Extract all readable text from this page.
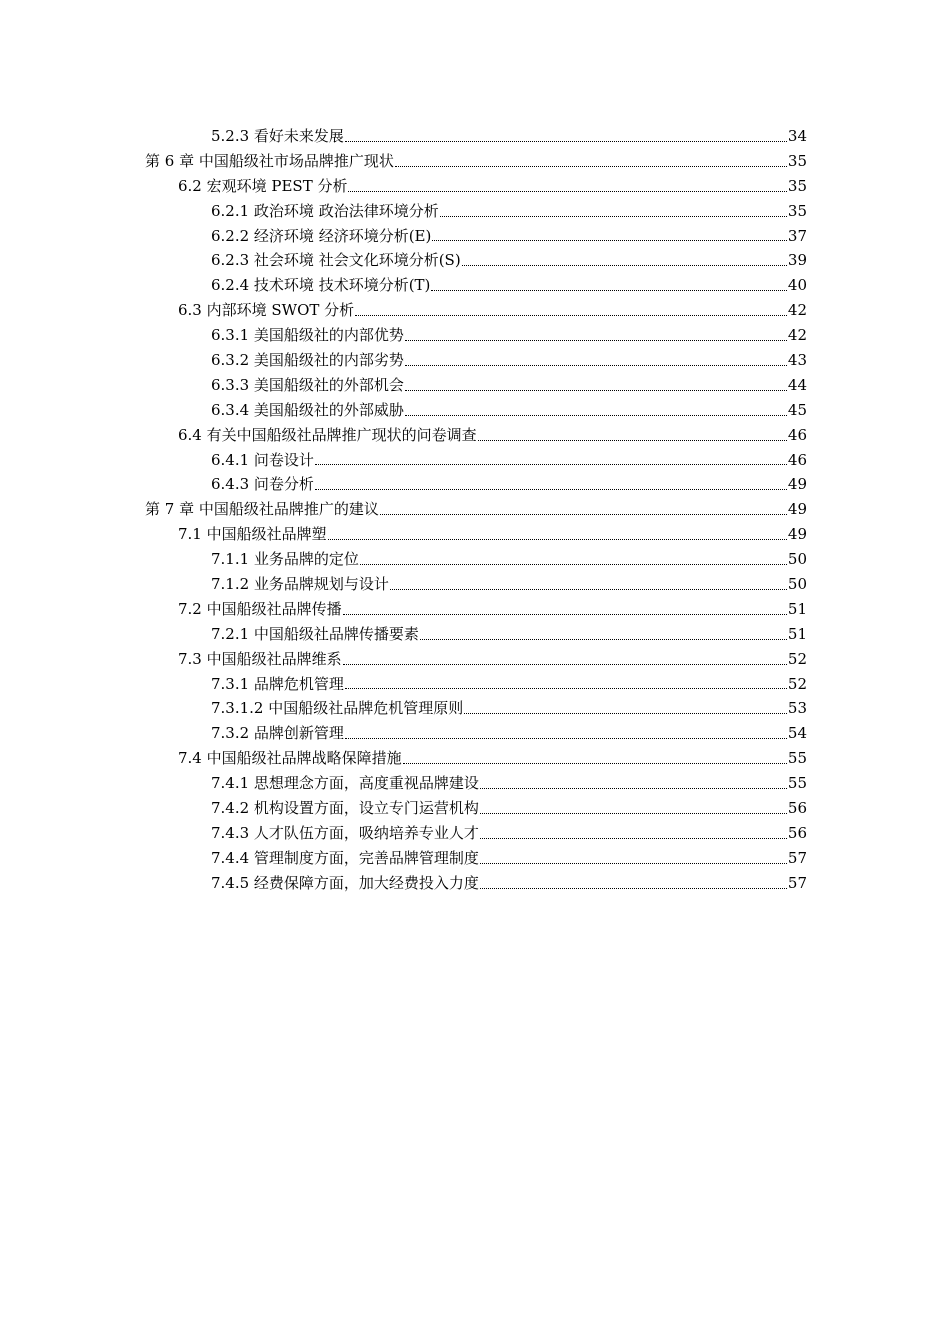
5.2.3 看好未来发展	34
第 6 章 中国船级社市场品牌推广现状	35
6.2 宏观环境 PEST 分析	35
6.2.1 政治环境 政治法律环境分析	35
6.2.2 经济环境 经济环境分析(E)	37
6.2.3 社会环境 社会文化环境分析(S)	39
6.2.4 技术环境 技术环境分析(T)	40
6.3 内部环境 SWOT 分析	42
6.3.1 美国船级社的内部优势	42
6.3.2 美国船级社的内部劣势	43
6.3.3 美国船级社的外部机会	44
6.3.4 美国船级社的外部威胁	45
6.4 有关中国船级社品牌推广现状的问卷调查	46
6.4.1 问卷设计	46
6.4.3 问卷分析	49
第 7 章 中国船级社品牌推广的建议	49
7.1 中国船级社品牌塑	49
7.1.1 业务品牌的定位	50
7.1.2 业务品牌规划与设计	50
7.2 中国船级社品牌传播	51
7.2.1 中国船级社品牌传播要素	51
7.3 中国船级社品牌维系	52
7.3.1 品牌危机管理	52
7.3.1.2 中国船级社品牌危机管理原则	53
7.3.2 品牌创新管理	54
7.4 中国船级社品牌战略保障措施	55
7.4.1 思想理念方面，高度重视品牌建设	55
7.4.2 机构设置方面，设立专门运营机构	56
7.4.3 人才队伍方面，吸纳培养专业人才	56
7.4.4 管理制度方面，完善品牌管理制度	57
7.4.5 经费保障方面，加大经费投入力度	57
